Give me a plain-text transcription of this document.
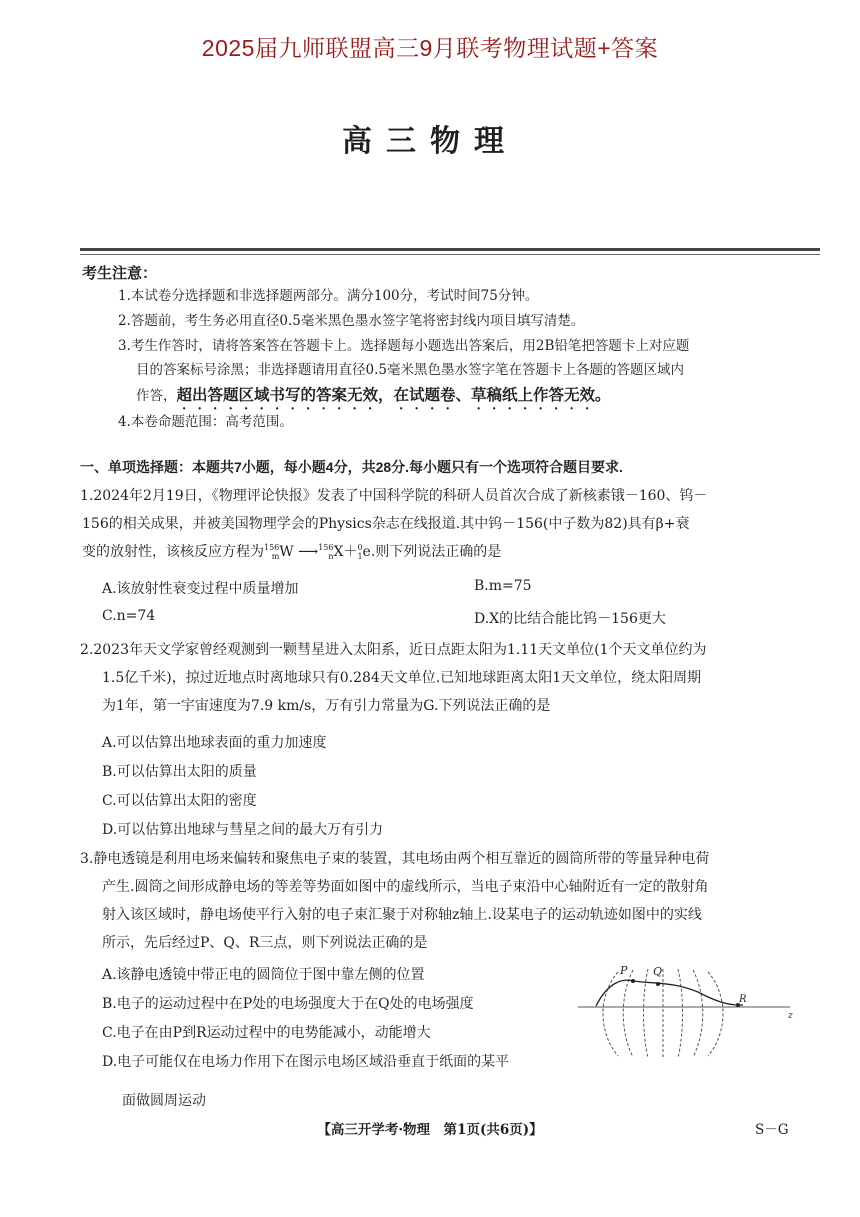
2025届九师联盟高三9月联考物理试题+答案
高三物理
考生注意：
1.本试卷分选择题和非选择题两部分。满分100分，考试时间75分钟。
2.答题前，考生务必用直径0.5毫米黑色墨水签字笔将密封线内项目填写清楚。
3.考生作答时，请将答案答在答题卡上。选择题每小题选出答案后，用2B铅笔把答题卡上对应题
目的答案标号涂黑；非选择题请用直径0.5毫米黑色墨水签字笔在答题卡上各题的答题区域内
作答，超出答题区域书写的答案无效，在试题卷、草稿纸上作答无效。
4.本卷命题范围：高考范围。
一、单项选择题：本题共7小题，每小题4分，共28分.每小题只有一个选项符合题目要求.
1.2024年2月19日，《物理评论快报》发表了中国科学院的科研人员首次合成了新核素锇－160、钨－
156的相关成果，并被美国物理学会的Physics杂志在线报道.其中钨－156(中子数为82)具有β+衰
变的放射性，该核反应方程为156
mW ⟶156
nX＋0
1e.则下列说法正确的是
A.该放射性衰变过程中质量增加	B.m=75
C.n=74	D.X的比结合能比钨－156更大
2.2023年天文学家曾经观测到一颗彗星进入太阳系，近日点距太阳为1.11天文单位(1个天文单位约为
1.5亿千米)，掠过近地点时离地球只有0.284天文单位.已知地球距离太阳1天文单位，绕太阳周期
为1年，第一宇宙速度为7.9 km/s，万有引力常量为G.下列说法正确的是
A.可以估算出地球表面的重力加速度
B.可以估算出太阳的质量
C.可以估算出太阳的密度
D.可以估算出地球与彗星之间的最大万有引力
3.静电透镜是利用电场来偏转和聚焦电子束的装置，其电场由两个相互靠近的圆筒所带的等量异种电荷
产生.圆筒之间形成静电场的等差等势面如图中的虚线所示，当电子束沿中心轴附近有一定的散射角
射入该区域时，静电场使平行入射的电子束汇聚于对称轴z轴上.设某电子的运动轨迹如图中的实线
所示，先后经过P、Q、R三点，则下列说法正确的是
A.该静电透镜中带正电的圆筒位于图中靠左侧的位置
B.电子的运动过程中在P处的电场强度大于在Q处的电场强度
C.电子在由P到R运动过程中的电势能减小，动能增大
D.电子可能仅在电场力作用下在图示电场区域沿垂直于纸面的某平
面做圆周运动
P Q
R
z
【高三开学考·物理　第1页(共6页)】	S－G
